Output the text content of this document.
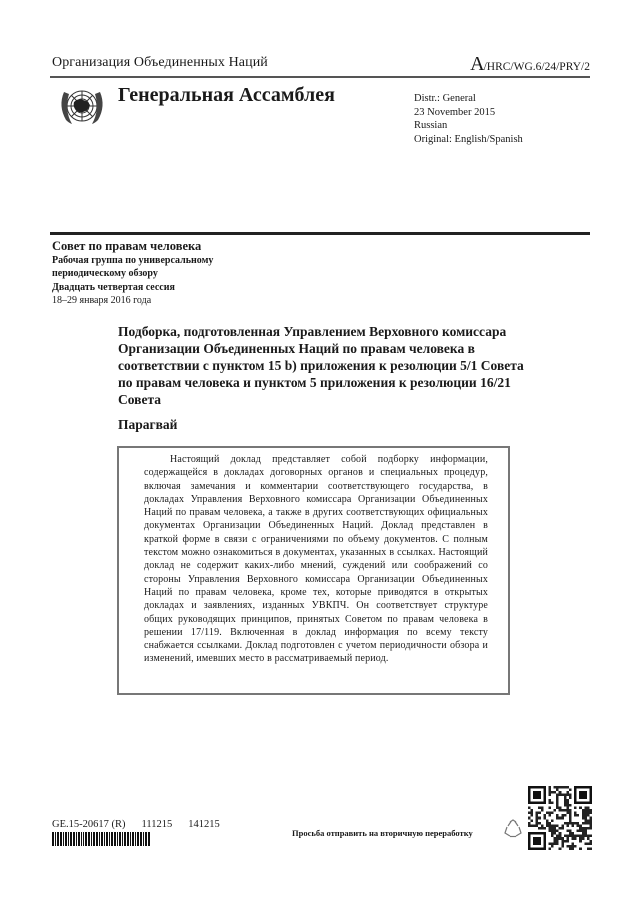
Организация Объединенных Наций	A/HRC/WG.6/24/PRY/2
Генеральная Ассамблея	Distr.: General
23 November 2015
Russian
Original: English/Spanish
Совет по правам человека
Рабочая группа по универсальному
периодическому обзору
Двадцать четвертая сессия
18–29 января 2016 года
Подборка, подготовленная Управлением Верховного комиссара Организации Объединенных Наций по правам человека в соответствии с пунктом 15 b) приложения к резолюции 5/1 Совета по правам человека и пунктом 5 приложения к резолюции 16/21 Совета
Парагвай
Настоящий доклад представляет собой подборку информации, содержащейся в докладах договорных органов и специальных процедур, включая замечания и комментарии соответствующего государства, в докладах Управления Верховного комиссара Организации Объединенных Наций по правам человека, а также в других соответствующих официальных документах Организации Объединенных Наций. Доклад представлен в краткой форме в связи с ограничениями по объему документов. С полным текстом можно ознакомиться в документах, указанных в ссылках. Настоящий доклад не содержит каких-либо мнений, суждений или соображений со стороны Управления Верховного комиссара Организации Объединенных Наций по правам человека, кроме тех, которые приводятся в открытых докладах и заявлениях, изданных УВКПЧ. Он соответствует структуре общих руководящих принципов, принятых Советом по правам человека в решении 17/119. Включенная в доклад информация по всему тексту снабжается ссылками. Доклад подготовлен с учетом периодичности обзора и изменений, имевших место в рассматриваемый период.
GE.15-20617 (R) 111215 141215
Просьба отправить на вторичную переработку
